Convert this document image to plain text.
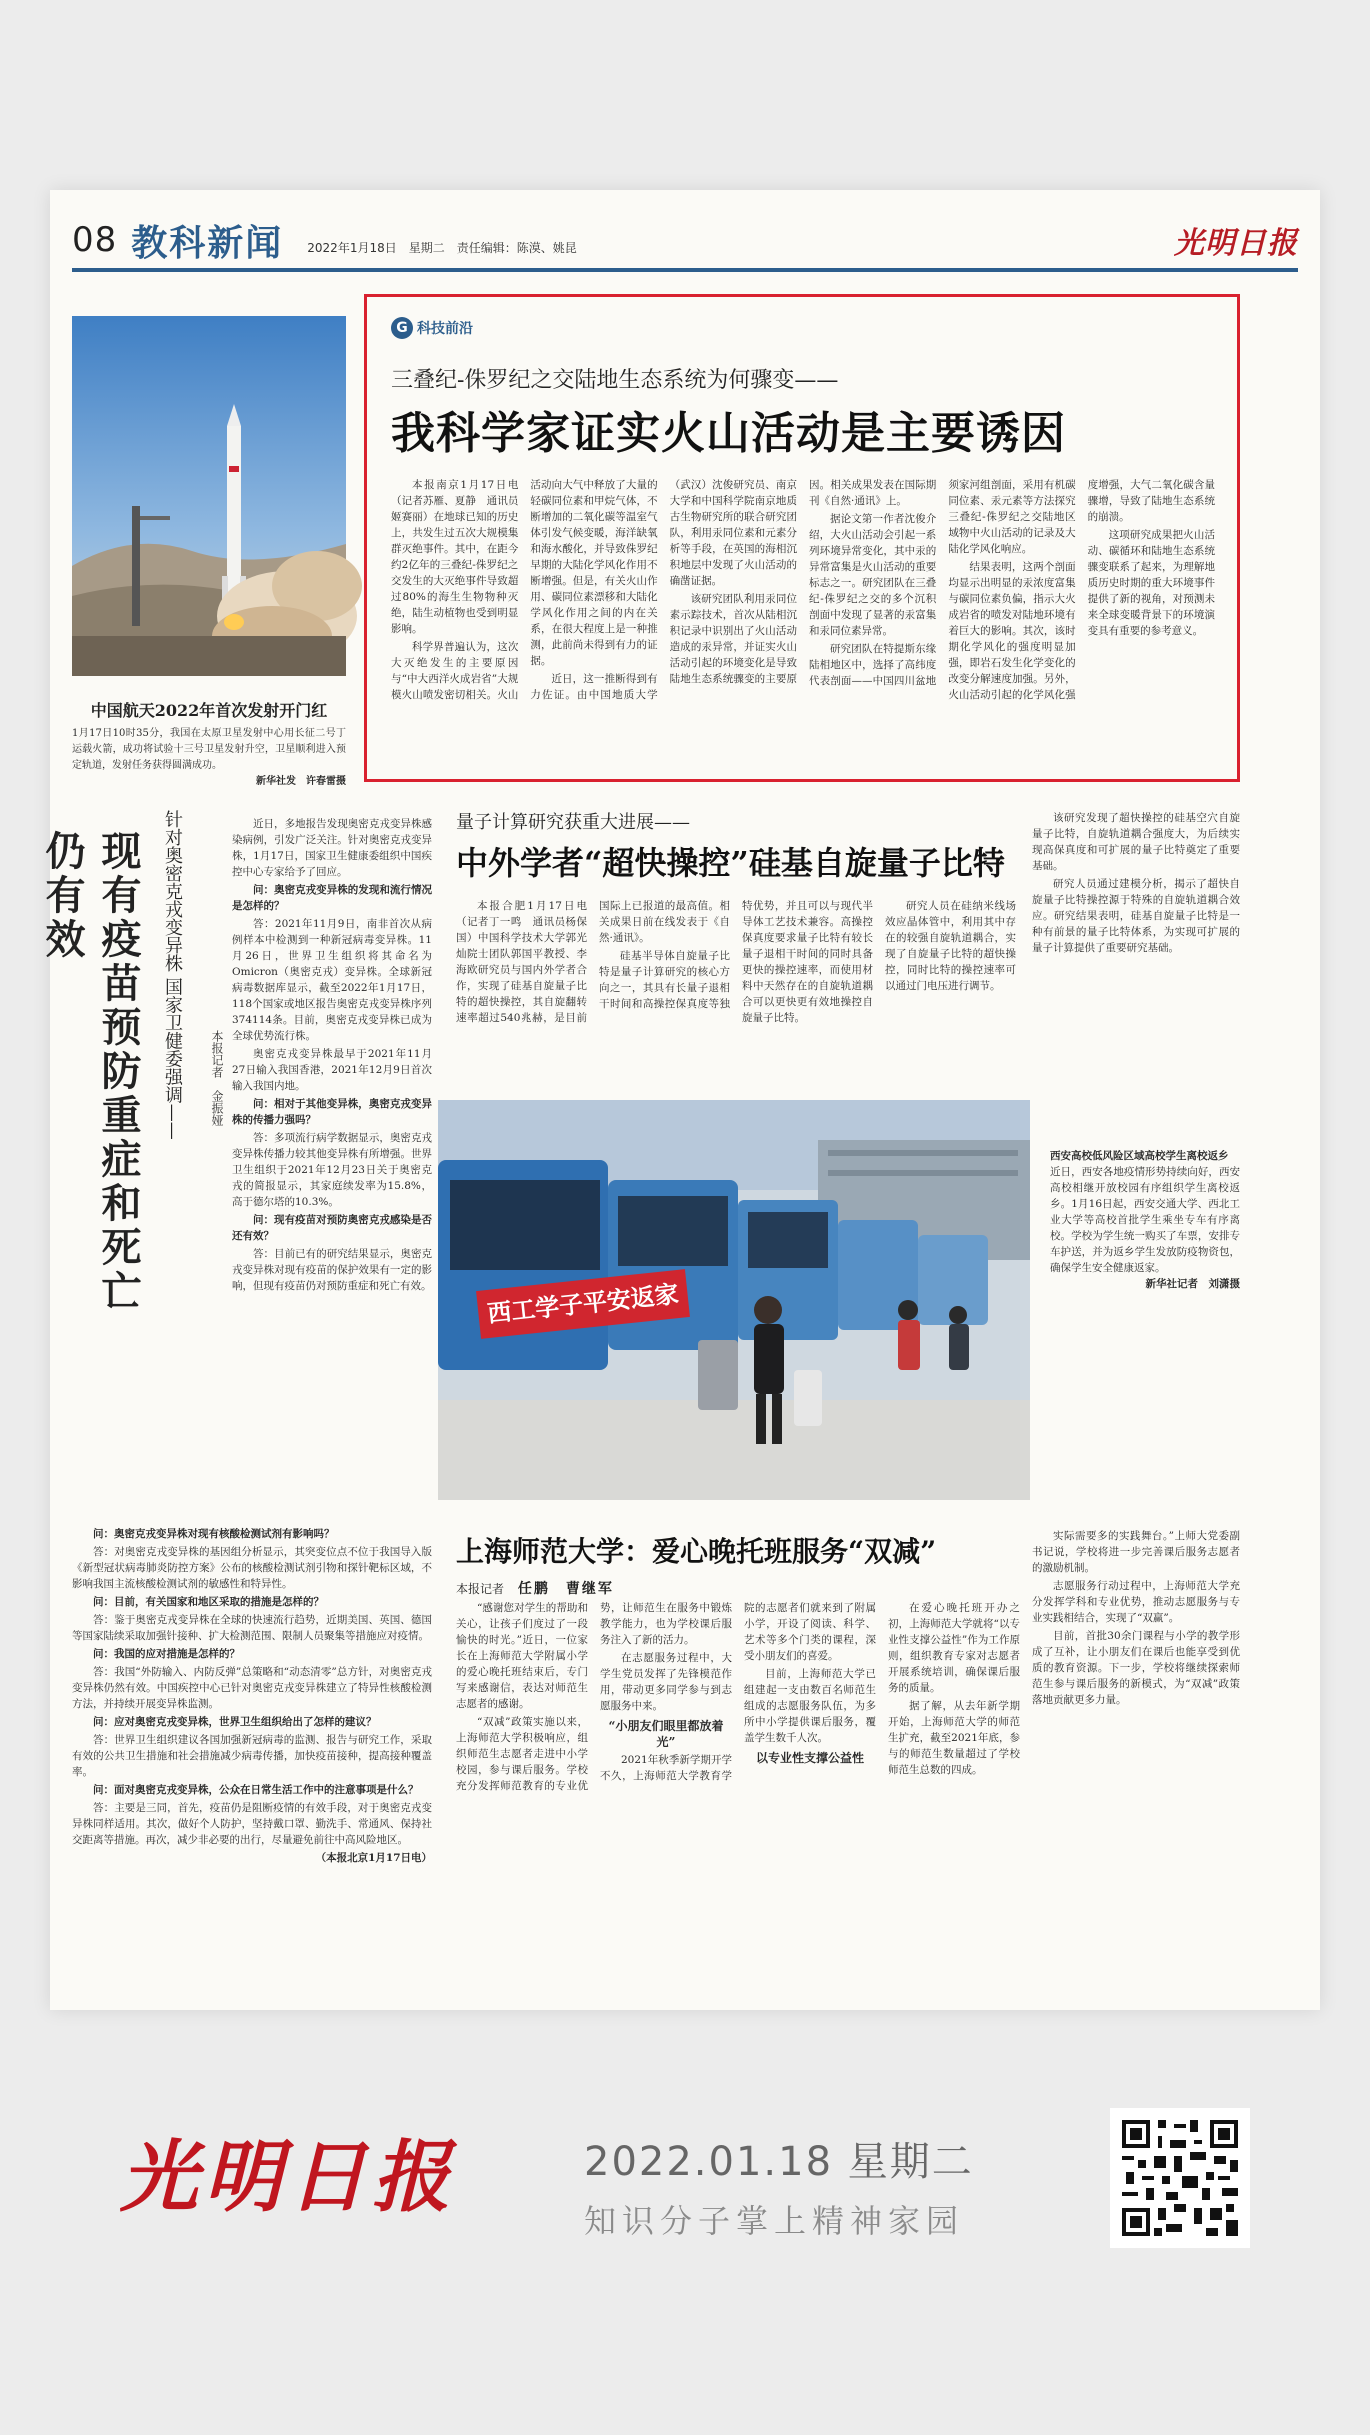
08 教科新闻 2022年1月18日　星期二　责任编辑：陈漠、姚昆	光明日报
中国航天2022年首次发射开门红
1月17日10时35分，我国在太原卫星发射中心用长征二号丁运载火箭，成功将试验十三号卫星发射升空，卫星顺利进入预定轨道，发射任务获得圆满成功。
新华社发　许春雷摄
G 科技前沿
三叠纪-侏罗纪之交陆地生态系统为何骤变——
我科学家证实火山活动是主要诱因

本报南京1月17日电（记者苏雁、夏静　通讯员姬赛丽）在地球已知的历史上，共发生过五次大规模集群灭绝事件。其中，在距今约2亿年的三叠纪-侏罗纪之交发生的大灭绝事件导致超过80%的海生生物物种灭绝，陆生动植物也受到明显影响。

科学界普遍认为，这次大灭绝发生的主要原因与“中大西洋火成岩省”大规模火山喷发密切相关。火山活动向大气中释放了大量的轻碳同位素和甲烷气体，不断增加的二氧化碳等温室气体引发气候变暖，海洋缺氧和海水酸化，并导致侏罗纪早期的大陆化学风化作用不断增强。但是，有关火山作用、碳同位素漂移和大陆化学风化作用之间的内在关系，在很大程度上是一种推测，此前尚未得到有力的证据。

近日，这一推断得到有力佐证。由中国地质大学（武汉）沈俊研究员、南京大学和中国科学院南京地质古生物研究所的联合研究团队，利用汞同位素和元素分析等手段，在英国的海相沉积地层中发现了火山活动的确凿证据。

该研究团队利用汞同位素示踪技术，首次从陆相沉积记录中识别出了火山活动造成的汞异常，并证实火山活动引起的环境变化是导致陆地生态系统骤变的主要原因。相关成果发表在国际期刊《自然·通讯》上。

据论文第一作者沈俊介绍，大火山活动会引起一系列环境异常变化，其中汞的异常富集是火山活动的重要标志之一。研究团队在三叠纪-侏罗纪之交的多个沉积剖面中发现了显著的汞富集和汞同位素异常。

研究团队在特提斯东缘陆相地区中，选择了高纬度代表剖面——中国四川盆地须家河组剖面，采用有机碳同位素、汞元素等方法探究三叠纪-侏罗纪之交陆地区域物中火山活动的记录及大陆化学风化响应。

结果表明，这两个剖面均显示出明显的汞浓度富集与碳同位素负偏，指示大火成岩省的喷发对陆地环境有着巨大的影响。其次，该时期化学风化的强度明显加强，即岩石发生化学变化的改变分解速度加强。另外，火山活动引起的化学风化强度增强，大气二氧化碳含量骤增，导致了陆地生态系统的崩溃。

这项研究成果把火山活动、碳循环和陆地生态系统骤变联系了起来，为理解地质历史时期的重大环境事件提供了新的视角，对预测未来全球变暖背景下的环境演变具有重要的参考意义。

现有疫苗预防重症和死亡仍有效	针对奥密克戎变异株 国家卫健委强调——	本报记者　金振娅

近日，多地报告发现奥密克戎变异株感染病例，引发广泛关注。针对奥密克戎变异株，1月17日，国家卫生健康委组织中国疾控中心专家给予了回应。

问：奥密克戎变异株的发现和流行情况是怎样的？

答：2021年11月9日，南非首次从病例样本中检测到一种新冠病毒变异株。11月26日，世界卫生组织将其命名为Omicron（奥密克戎）变异株。全球新冠病毒数据库显示，截至2022年1月17日，118个国家或地区报告奥密克戎变异株序列374114条。目前，奥密克戎变异株已成为全球优势流行株。

奥密克戎变异株最早于2021年11月27日输入我国香港，2021年12月9日首次输入我国内地。

问：相对于其他变异株，奥密克戎变异株的传播力强吗？

答：多项流行病学数据显示，奥密克戎变异株传播力较其他变异株有所增强。世界卫生组织于2021年12月23日关于奥密克戎的简报显示，其家庭续发率为15.8%，高于德尔塔的10.3%。

问：现有疫苗对预防奥密克戎感染是否还有效？

答：目前已有的研究结果显示，奥密克戎变异株对现有疫苗的保护效果有一定的影响，但现有疫苗仍对预防重症和死亡有效。

问：奥密克戎变异株对现有核酸检测试剂有影响吗？

答：对奥密克戎变异株的基因组分析显示，其突变位点不位于我国导入版《新型冠状病毒肺炎防控方案》公布的核酸检测试剂引物和探针靶标区域，不影响我国主流核酸检测试剂的敏感性和特异性。

问：目前，有关国家和地区采取的措施是怎样的？

答：鉴于奥密克戎变异株在全球的快速流行趋势，近期美国、英国、德国等国家陆续采取加强针接种、扩大检测范围、限制人员聚集等措施应对疫情。

问：我国的应对措施是怎样的？

答：我国“外防输入、内防反弹”总策略和“动态清零”总方针，对奥密克戎变异株仍然有效。中国疾控中心已针对奥密克戎变异株建立了特异性核酸检测方法，并持续开展变异株监测。

问：应对奥密克戎变异株，世界卫生组织给出了怎样的建议？

答：世界卫生组织建议各国加强新冠病毒的监测、报告与研究工作，采取有效的公共卫生措施和社会措施减少病毒传播，加快疫苗接种，提高接种覆盖率。

问：面对奥密克戎变异株，公众在日常生活工作中的注意事项是什么？

答：主要是三同，首先，疫苗仍是阻断疫情的有效手段，对于奥密克戎变异株同样适用。其次，做好个人防护，坚持戴口罩、勤洗手、常通风、保持社交距离等措施。再次，减少非必要的出行，尽量避免前往中高风险地区。

（本报北京1月17日电）
量子计算研究获重大进展——
中外学者“超快操控”硅基自旋量子比特

本报合肥1月17日电（记者丁一鸣　通讯员杨保国）中国科学技术大学郭光灿院士团队郭国平教授、李海欧研究员与国内外学者合作，实现了硅基自旋量子比特的超快操控，其自旋翻转速率超过540兆赫，是目前国际上已报道的最高值。相关成果日前在线发表于《自然·通讯》。

硅基半导体自旋量子比特是量子计算研究的核心方向之一，其具有长量子退相干时间和高操控保真度等独特优势，并且可以与现代半导体工艺技术兼容。高操控保真度要求量子比特有较长量子退相干时间的同时具备更快的操控速率，而使用材料中天然存在的自旋轨道耦合可以更快更有效地操控自旋量子比特。

研究人员在硅纳米线场效应晶体管中，利用其中存在的较强自旋轨道耦合，实现了自旋量子比特的超快操控，同时比特的操控速率可以通过门电压进行调节。

该研究发现了超快操控的硅基空穴自旋量子比特，自旋轨道耦合强度大，为后续实现高保真度和可扩展的量子比特奠定了重要基础。

研究人员通过建模分析，揭示了超快自旋量子比特操控源于特殊的自旋轨道耦合效应。研究结果表明，硅基自旋量子比特是一种有前景的量子比特体系，为实现可扩展的量子计算提供了重要研究基础。

西工学子平安返家
西安高校低风险区域高校学生离校返乡
近日，西安各地疫情形势持续向好，西安高校相继开放校园有序组织学生离校返乡。1月16日起，西安交通大学、西北工业大学等高校首批学生乘坐专车有序离校。学校为学生统一购买了车票，安排专车护送，并为返乡学生发放防疫物资包，确保学生安全健康返家。
新华社记者　刘潇摄
上海师范大学：爱心晚托班服务“双减”
本报记者 任鹏　曹继军

“感谢您对学生的帮助和关心，让孩子们度过了一段愉快的时光。”近日，一位家长在上海师范大学附属小学的爱心晚托班结束后，专门写来感谢信，表达对师范生志愿者的感谢。

“双减”政策实施以来，上海师范大学积极响应，组织师范生志愿者走进中小学校园，参与课后服务。学校充分发挥师范教育的专业优势，让师范生在服务中锻炼教学能力，也为学校课后服务注入了新的活力。

在志愿服务过程中，大学生党员发挥了先锋模范作用，带动更多同学参与到志愿服务中来。

“小朋友们眼里都放着光”

2021年秋季新学期开学不久，上海师范大学教育学院的志愿者们就来到了附属小学，开设了阅读、科学、艺术等多个门类的课程，深受小朋友们的喜爱。

目前，上海师范大学已组建起一支由数百名师范生组成的志愿服务队伍，为多所中小学提供课后服务，覆盖学生数千人次。

以专业性支撑公益性

在爱心晚托班开办之初，上海师范大学就将“以专业性支撑公益性”作为工作原则，组织教育专家对志愿者开展系统培训，确保课后服务的质量。

据了解，从去年新学期开始，上海师范大学的师范生扩充，截至2021年底，参与的师范生数量超过了学校师范生总数的四成。

实际需要多的实践舞台。”上师大党委副书记说，学校将进一步完善课后服务志愿者的激励机制。

志愿服务行动过程中，上海师范大学充分发挥学科和专业优势，推动志愿服务与专业实践相结合，实现了“双赢”。

目前，首批30余门课程与小学的教学形成了互补，让小朋友们在课后也能享受到优质的教育资源。下一步，学校将继续探索师范生参与课后服务的新模式，为“双减”政策落地贡献更多力量。

光明日报	2022.01.18 星期二
知识分子掌上精神家园
